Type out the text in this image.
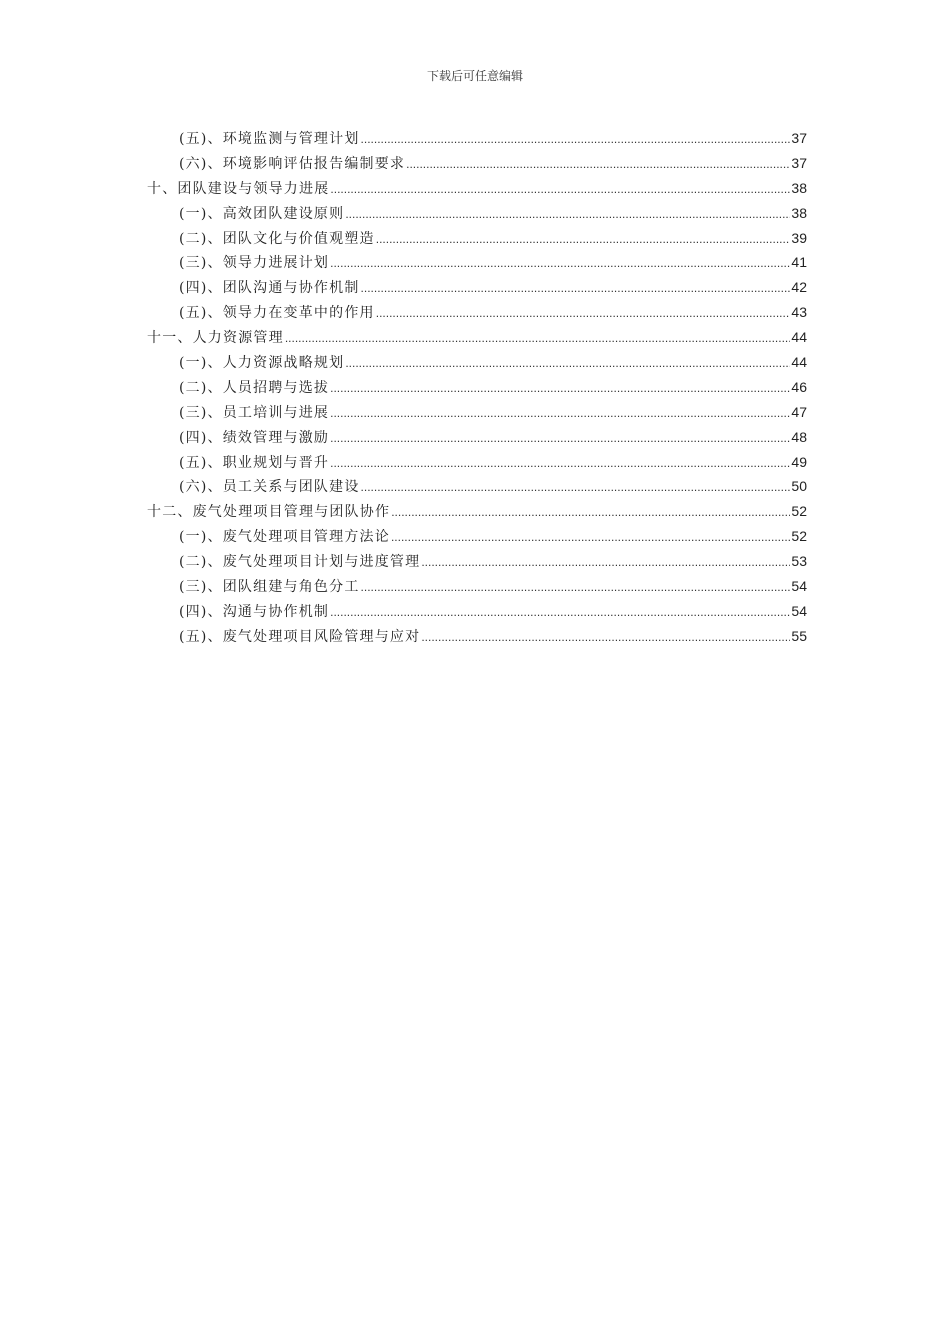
下载后可任意编辑
(五)、环境监测与管理计划 .....	37
(六)、环境影响评估报告编制要求 .....	37
十、团队建设与领导力进展 .....	38
(一)、高效团队建设原则 .....	38
(二)、团队文化与价值观塑造 .....	39
(三)、领导力进展计划 .....	41
(四)、团队沟通与协作机制 .....	42
(五)、领导力在变革中的作用 .....	43
十一、人力资源管理 .....	44
(一)、人力资源战略规划 .....	44
(二)、人员招聘与选拔 .....	46
(三)、员工培训与进展 .....	47
(四)、绩效管理与激励 .....	48
(五)、职业规划与晋升 .....	49
(六)、员工关系与团队建设 .....	50
十二、废气处理项目管理与团队协作 .....	52
(一)、废气处理项目管理方法论 .....	52
(二)、废气处理项目计划与进度管理 .....	53
(三)、团队组建与角色分工 .....	54
(四)、沟通与协作机制 .....	54
(五)、废气处理项目风险管理与应对 .....	55
